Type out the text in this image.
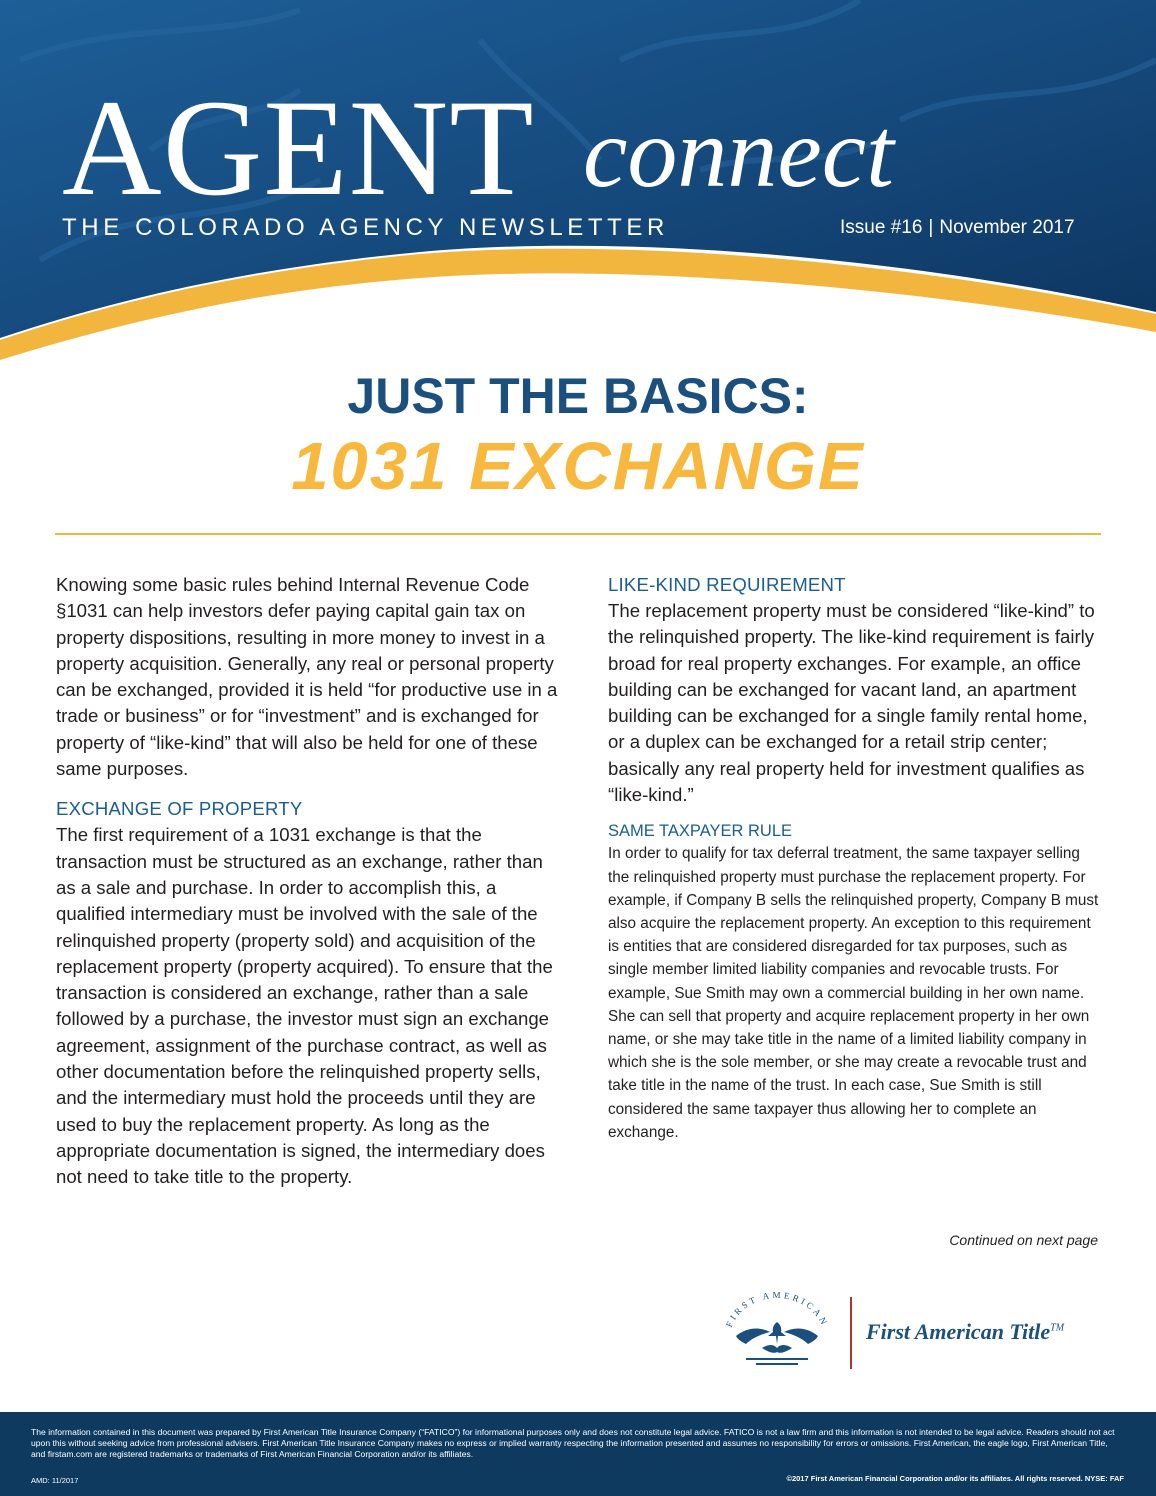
AGENT connect
THE COLORADO AGENCY NEWSLETTER	Issue #16 | November 2017
JUST THE BASICS:
1031 EXCHANGE

Knowing some basic rules behind Internal Revenue Code §1031 can help investors defer paying capital gain tax on property dispositions, resulting in more money to invest in a property acquisition. Generally, any real or personal property can be exchanged, provided it is held “for productive use in a trade or business” or for “investment” and is exchanged for property of “like-kind” that will also be held for one of these same purposes.

EXCHANGE OF PROPERTY

The first requirement of a 1031 exchange is that the transaction must be structured as an exchange, rather than as a sale and purchase. In order to accomplish this, a qualified intermediary must be involved with the sale of the relinquished property (property sold) and acquisition of the replacement property (property acquired). To ensure that the transaction is considered an exchange, rather than a sale followed by a purchase, the investor must sign an exchange agreement, assignment of the purchase contract, as well as other documentation before the relinquished property sells, and the intermediary must hold the proceeds until they are used to buy the replacement property. As long as the appropriate documentation is signed, the intermediary does not need to take title to the property.

LIKE-KIND REQUIREMENT

The replacement property must be considered “like-kind” to the relinquished property. The like-kind requirement is fairly broad for real property exchanges. For example, an office building can be exchanged for vacant land, an apartment building can be exchanged for a single family rental home, or a duplex can be exchanged for a retail strip center; basically any real property held for investment qualifies as “like-kind.”

SAME TAXPAYER RULE

In order to qualify for tax deferral treatment, the same taxpayer selling the relinquished property must purchase the replacement property. For example, if Company B sells the relinquished property, Company B must also acquire the replacement property. An exception to this requirement is entities that are considered disregarded for tax purposes, such as single member limited liability companies and revocable trusts. For example, Sue Smith may own a commercial building in her own name. She can sell that property and acquire replacement property in her own name, or she may take title in the name of a limited liability company in which she is the sole member, or she may create a revocable trust and take title in the name of the trust. In each case, Sue Smith is still considered the same taxpayer thus allowing her to complete an exchange.

Continued on next page
FIRST AMERICAN First American Title™
The information contained in this document was prepared by First American Title Insurance Company (“FATICO”) for informational purposes only and does not constitute legal advice. FATICO is not a law firm and this information is not intended to be legal advice. Readers should not act upon this without seeking advice from professional advisers. First American Title Insurance Company makes no express or implied warranty respecting the information presented and assumes no responsibility for errors or omissions. First American, the eagle logo, First American Title, and firstam.com are registered trademarks or trademarks of First American Financial Corporation and/or its affiliates.
AMD: 11/2017	©2017 First American Financial Corporation and/or its affiliates. All rights reserved. NYSE: FAF
